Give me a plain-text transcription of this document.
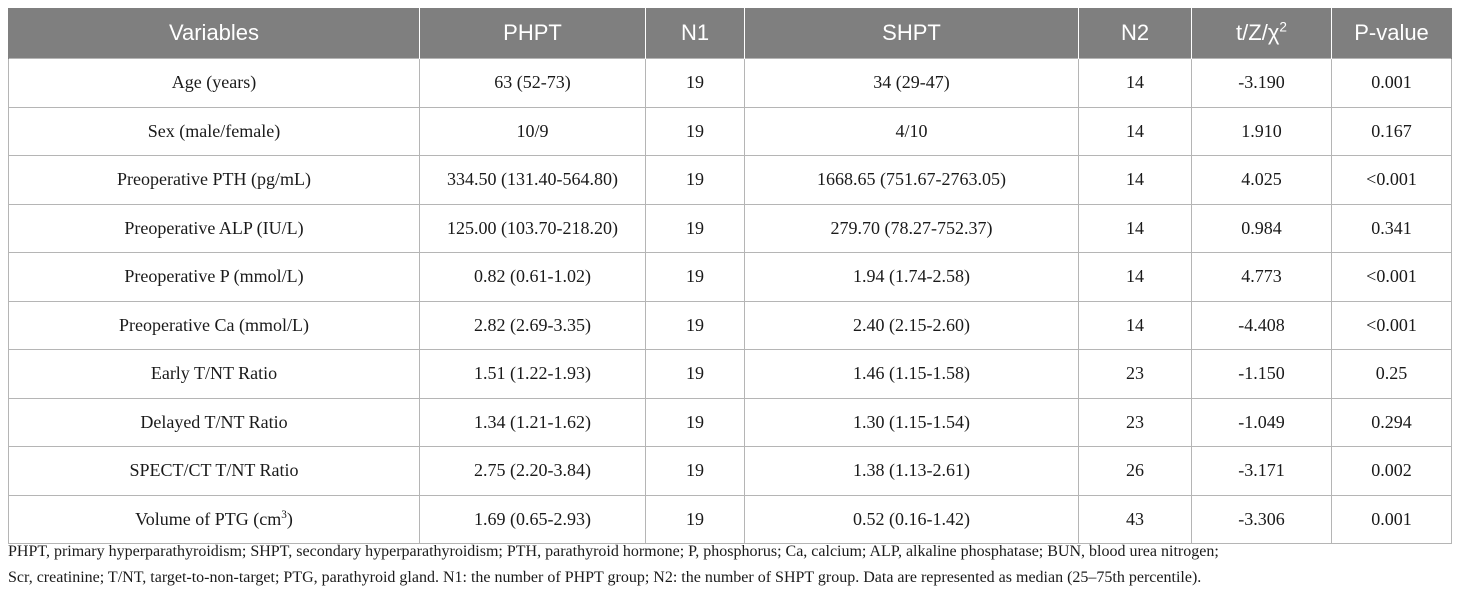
Variables	PHPT	N1	SHPT	N2	$t/Z/\chi^2$	P-value
Age (years)	63 (52-73)	19	34 (29-47)	14	-3.190	0.001
Sex (male/female)	10/9	19	4/10	14	1.910	0.167
Preoperative PTH (pg/mL)	334.50 (131.40-564.80)	19	1668.65 (751.67-2763.05)	14	4.025	<0.001
Preoperative ALP (IU/L)	125.00 (103.70-218.20)	19	279.70 (78.27-752.37)	14	0.984	0.341
Preoperative P (mmol/L)	0.82 (0.61-1.02)	19	1.94 (1.74-2.58)	14	4.773	<0.001
Preoperative Ca (mmol/L)	2.82 (2.69-3.35)	19	2.40 (2.15-2.60)	14	-4.408	<0.001
Early T/NT Ratio	1.51 (1.22-1.93)	19	1.46 (1.15-1.58)	23	-1.150	0.25
Delayed T/NT Ratio	1.34 (1.21-1.62)	19	1.30 (1.15-1.54)	23	-1.049	0.294
SPECT/CT T/NT Ratio	2.75 (2.20-3.84)	19	1.38 (1.13-2.61)	26	-3.171	0.002
Volume of PTG $(cm^3)$	1.69 (0.65-2.93)	19	0.52 (0.16-1.42)	43	-3.306	0.001

PHPT, primary hyperparathyroidism; SHPT, secondary hyperparathyroidism; PTH, parathyroid hormone; P, phosphorus; Ca, calcium; ALP, alkaline phosphatase; BUN, blood urea nitrogen;

Scr, creatinine; T/NT, target-to-non-target; PTG, parathyroid gland. N1: the number of PHPT group; N2: the number of SHPT group. Data are represented as median (25–75th percentile).
